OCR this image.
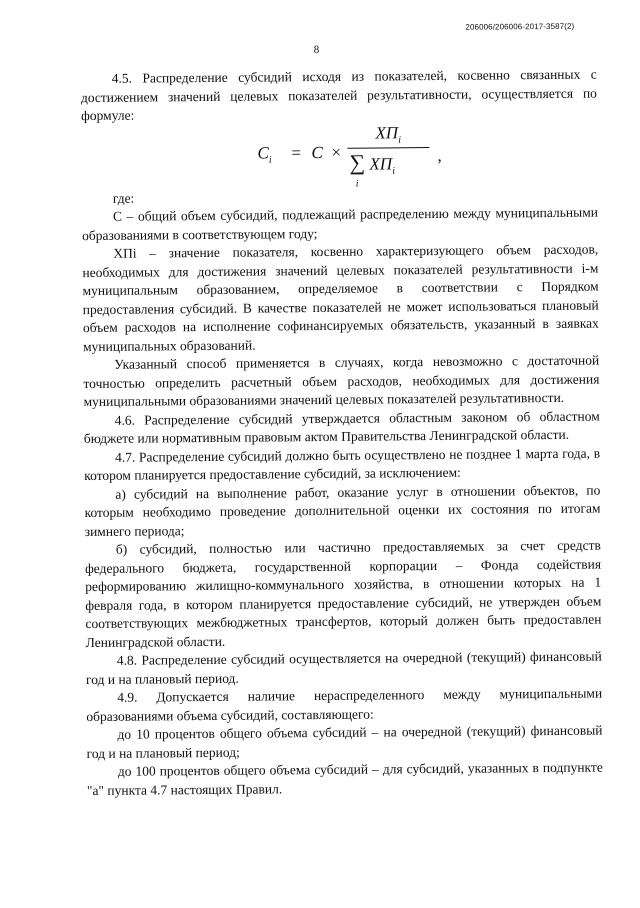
206006/206006-2017-3587(2)
8

4.5. Распределение субсидий исходя из показателей, косвенно связанных с достижением значений целевых показателей результативности, осуществляется по формуле:

$C_i = C$ ×
$ХП_i$
∑ $ХП_i$
i
,

где:

С – общий объем субсидий, подлежащий распределению между муниципальными образованиями в соответствующем году;

ХПi – значение показателя, косвенно характеризующего объем расходов, необходимых для достижения значений целевых показателей результативности i-м муниципальным образованием, определяемое в соответствии с Порядком предоставления субсидий. В качестве показателей не может использоваться плановый объем расходов на исполнение софинансируемых обязательств, указанный в заявках муниципальных образований.

Указанный способ применяется в случаях, когда невозможно с достаточной точностью определить расчетный объем расходов, необходимых для достижения муниципальными образованиями значений целевых показателей результативности.

4.6. Распределение субсидий утверждается областным законом об областном бюджете или нормативным правовым актом Правительства Ленинградской области.

4.7. Распределение субсидий должно быть осуществлено не позднее 1 марта года, в котором планируется предоставление субсидий, за исключением:

а) субсидий на выполнение работ, оказание услуг в отношении объектов, по которым необходимо проведение дополнительной оценки их состояния по итогам зимнего периода;

б) субсидий, полностью или частично предоставляемых за счет средств федерального бюджета, государственной корпорации – Фонда содействия реформированию жилищно-коммунального хозяйства, в отношении которых на 1 февраля года, в котором планируется предоставление субсидий, не утвержден объем соответствующих межбюджетных трансфертов, который должен быть предоставлен Ленинградской области.

4.8. Распределение субсидий осуществляется на очередной (текущий) финансовый год и на плановый период.

4.9. Допускается наличие нераспределенного между муниципальными образованиями объема субсидий, составляющего:

до 10 процентов общего объема субсидий – на очередной (текущий) финансовый год и на плановый период;

до 100 процентов общего объема субсидий – для субсидий, указанных в подпункте "а" пункта 4.7 настоящих Правил.
